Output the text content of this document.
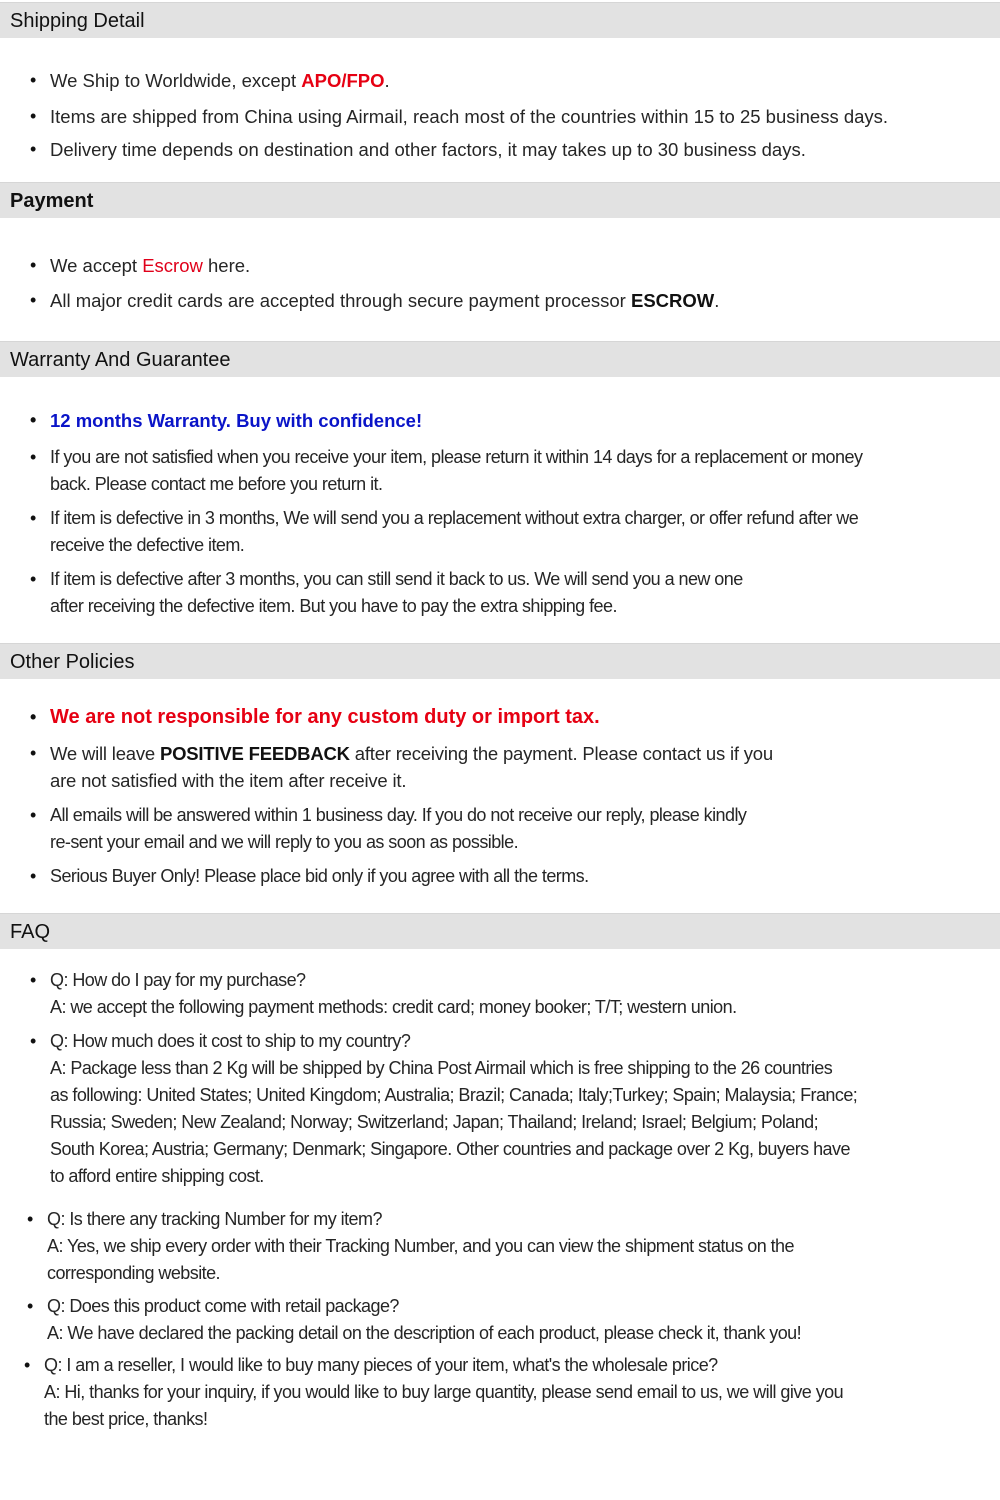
Shipping Detail
• We Ship to Worldwide, except APO/FPO.
• Items are shipped from China using Airmail, reach most of the countries within 15 to 25 business days.
• Delivery time depends on destination and other factors, it may takes up to 30 business days.
Payment
• We accept Escrow here.
• All major credit cards are accepted through secure payment processor ESCROW.
Warranty And Guarantee
• 12 months Warranty. Buy with confidence!
• If you are not satisfied when you receive your item, please return it within 14 days for a replacement or money
back. Please contact me before you return it.
• If item is defective in 3 months, We will send you a replacement without extra charger, or offer refund after we
receive the defective item.
• If item is defective after 3 months, you can still send it back to us. We will send you a new one
after receiving the defective item. But you have to pay the extra shipping fee.
Other Policies
• We are not responsible for any custom duty or import tax.
• We will leave POSITIVE FEEDBACK after receiving the payment. Please contact us if you
are not satisfied with the item after receive it.
• All emails will be answered within 1 business day. If you do not receive our reply, please kindly
re-sent your email and we will reply to you as soon as possible.
• Serious Buyer Only! Please place bid only if you agree with all the terms.
FAQ
• Q: How do I pay for my purchase?
A: we accept the following payment methods: credit card; money booker; T/T; western union.
• Q: How much does it cost to ship to my country?
A: Package less than 2 Kg will be shipped by China Post Airmail which is free shipping to the 26 countries
as following: United States; United Kingdom; Australia; Brazil; Canada; Italy;Turkey; Spain; Malaysia; France;
Russia; Sweden; New Zealand; Norway; Switzerland; Japan; Thailand; Ireland; Israel; Belgium; Poland;
South Korea; Austria; Germany; Denmark; Singapore. Other countries and package over 2 Kg, buyers have
to afford entire shipping cost.
• Q: Is there any tracking Number for my item?
A: Yes, we ship every order with their Tracking Number, and you can view the shipment status on the
corresponding website.
• Q: Does this product come with retail package?
A: We have declared the packing detail on the description of each product, please check it, thank you!
• Q: I am a reseller, I would like to buy many pieces of your item, what's the wholesale price?
A: Hi, thanks for your inquiry, if you would like to buy large quantity, please send email to us, we will give you
the best price, thanks!
